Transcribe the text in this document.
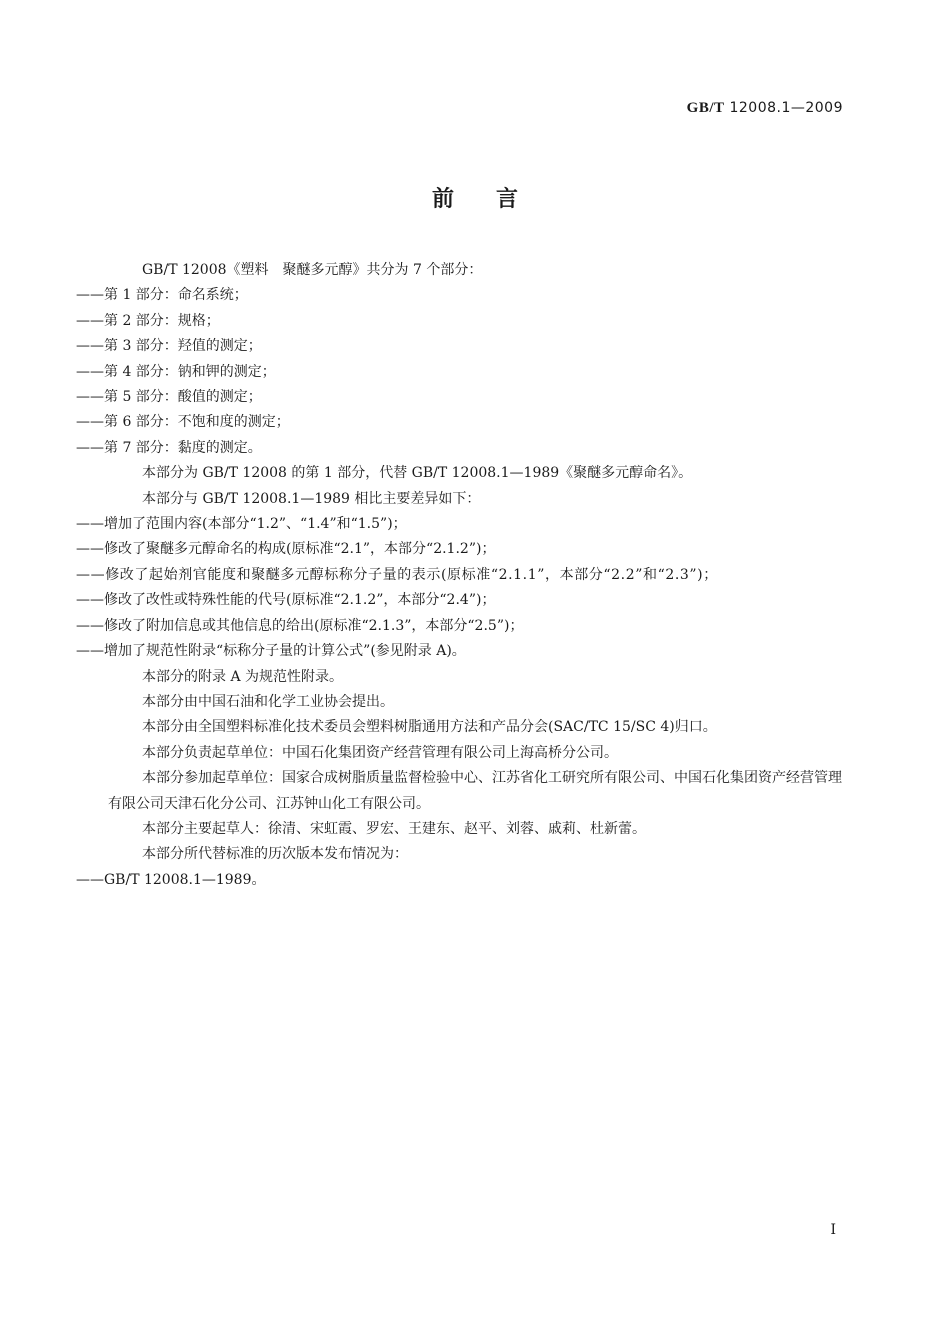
GB/T 12008.1—2009
前言

GB/T 12008《塑料　聚醚多元醇》共分为 7 个部分：

——第 1 部分：命名系统；

——第 2 部分：规格；

——第 3 部分：羟值的测定；

——第 4 部分：钠和钾的测定；

——第 5 部分：酸值的测定；

——第 6 部分：不饱和度的测定；

——第 7 部分：黏度的测定。

本部分为 GB/T 12008 的第 1 部分，代替 GB/T 12008.1—1989《聚醚多元醇命名》。

本部分与 GB/T 12008.1—1989 相比主要差异如下：

——增加了范围内容(本部分“1.2”、“1.4”和“1.5”)；

——修改了聚醚多元醇命名的构成(原标准“2.1”，本部分“2.1.2”)；

——修改了起始剂官能度和聚醚多元醇标称分子量的表示(原标准“2.1.1”，本部分“2.2”和“2.3”)；

——修改了改性或特殊性能的代号(原标准“2.1.2”，本部分“2.4”)；

——修改了附加信息或其他信息的给出(原标准“2.1.3”，本部分“2.5”)；

——增加了规范性附录“标称分子量的计算公式”(参见附录 A)。

本部分的附录 A 为规范性附录。

本部分由中国石油和化学工业协会提出。

本部分由全国塑料标准化技术委员会塑料树脂通用方法和产品分会(SAC/TC 15/SC 4)归口。

本部分负责起草单位：中国石化集团资产经营管理有限公司上海高桥分公司。

本部分参加起草单位：国家合成树脂质量监督检验中心、江苏省化工研究所有限公司、中国石化集团资产经营管理有限公司天津石化分公司、江苏钟山化工有限公司。

本部分主要起草人：徐清、宋虹霞、罗宏、王建东、赵平、刘蓉、戚莉、杜新蕾。

本部分所代替标准的历次版本发布情况为：

——GB/T 12008.1—1989。

I
